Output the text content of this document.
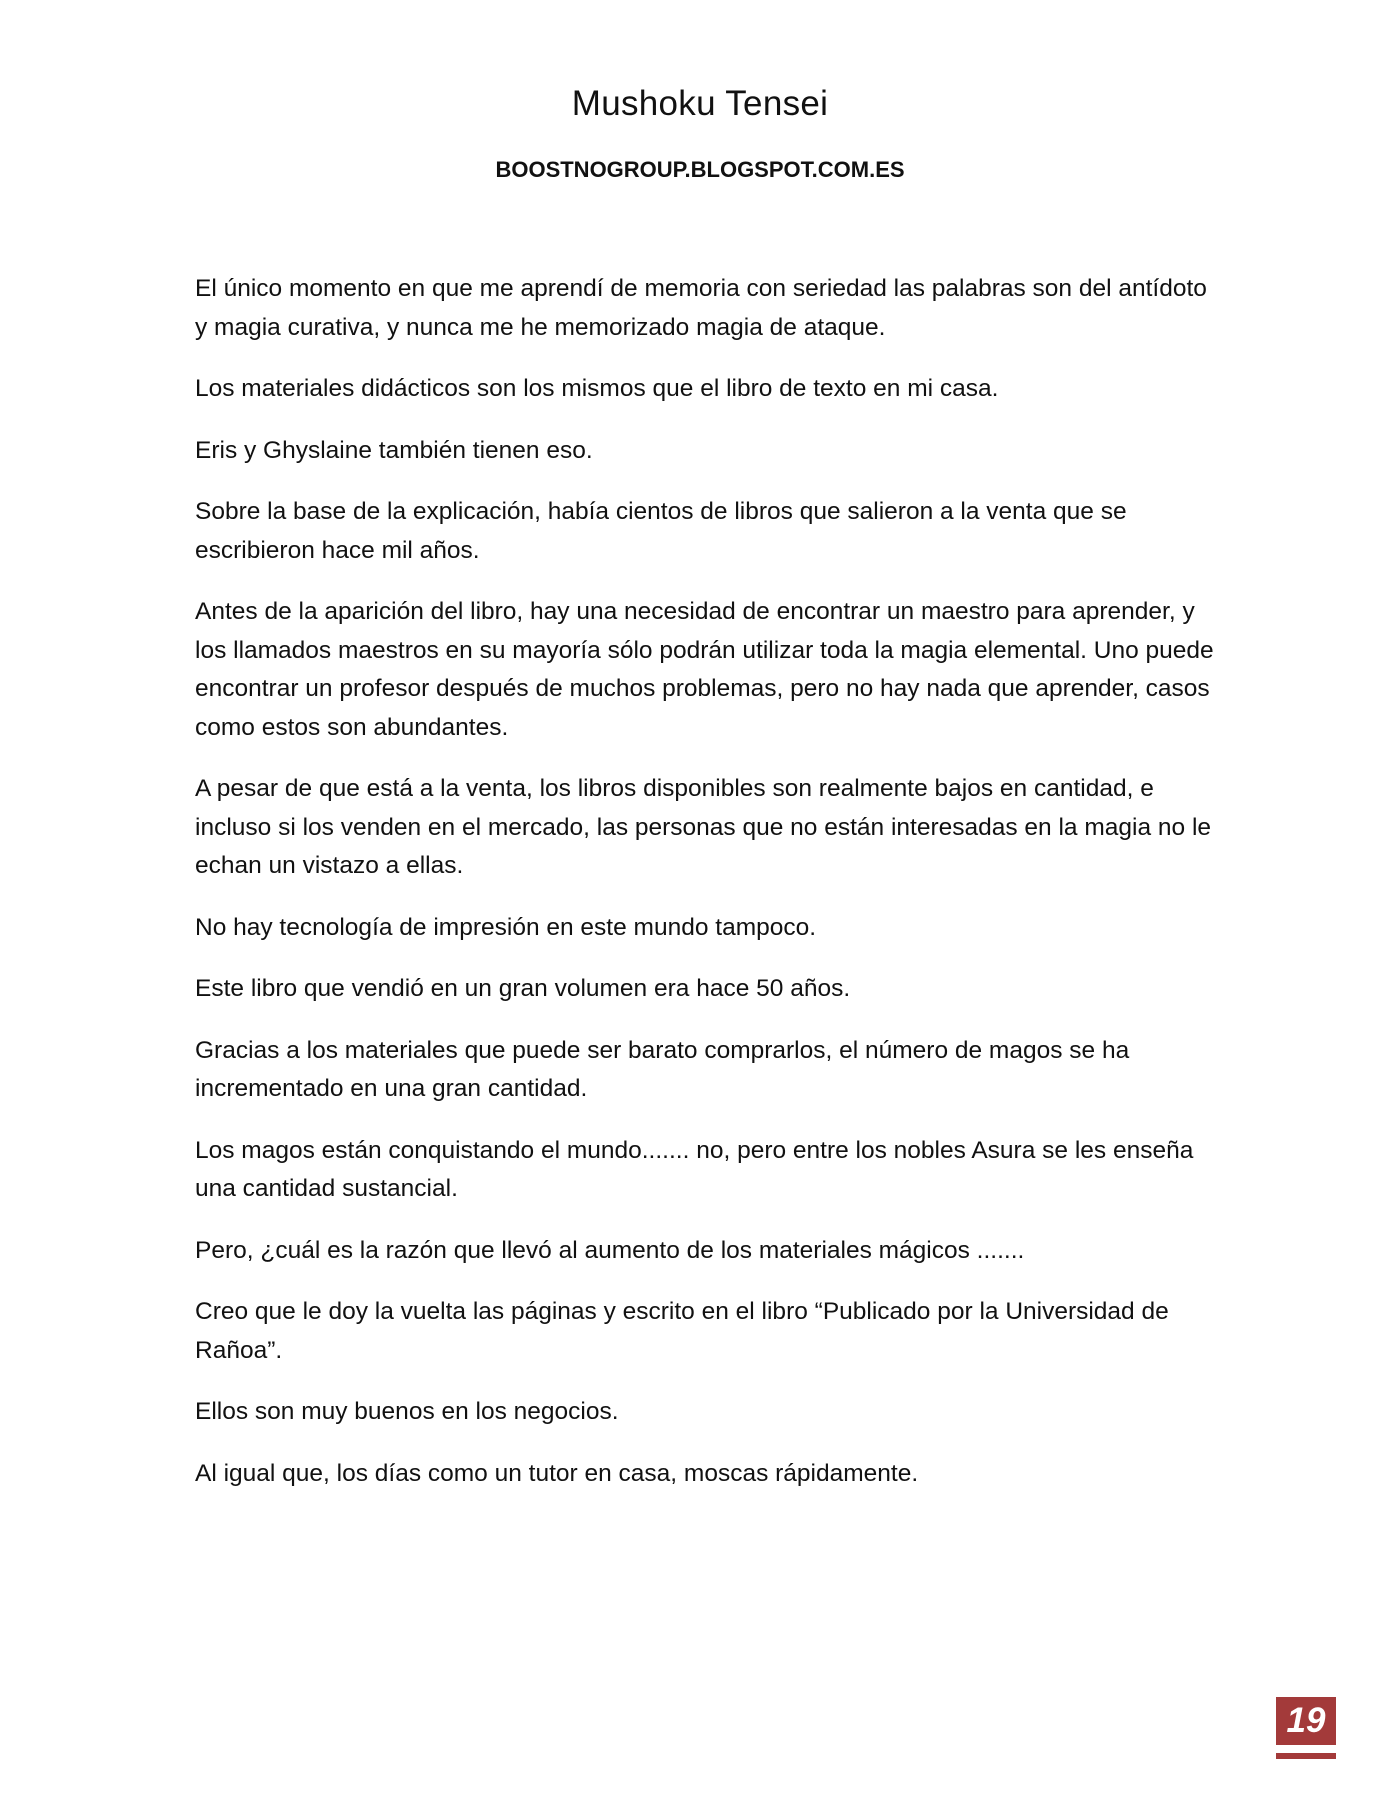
Mushoku Tensei

BOOSTNOGROUP.BLOGSPOT.COM.ES

El único momento en que me aprendí de memoria con seriedad las palabras son del antídoto y magia curativa, y nunca me he memorizado magia de ataque.

Los materiales didácticos son los mismos que el libro de texto en mi casa.

Eris y Ghyslaine también tienen eso.

Sobre la base de la explicación, había cientos de libros que salieron a la venta que se escribieron hace mil años.

Antes de la aparición del libro, hay una necesidad de encontrar un maestro para aprender, y los llamados maestros en su mayoría sólo podrán utilizar toda la magia elemental. Uno puede encontrar un profesor después de muchos problemas, pero no hay nada que aprender, casos como estos son abundantes.

A pesar de que está a la venta, los libros disponibles son realmente bajos en cantidad, e incluso si los venden en el mercado, las personas que no están interesadas en la magia no le echan un vistazo a ellas.

No hay tecnología de impresión en este mundo tampoco.

Este libro que vendió en un gran volumen era hace 50 años.

Gracias a los materiales que puede ser barato comprarlos, el número de magos se ha incrementado en una gran cantidad.

Los magos están conquistando el mundo....... no, pero entre los nobles Asura se les enseña una cantidad sustancial.

Pero, ¿cuál es la razón que llevó al aumento de los materiales mágicos .......

Creo que le doy la vuelta las páginas y escrito en el libro “Publicado por la Universidad de Rañoa”.

Ellos son muy buenos en los negocios.

Al igual que, los días como un tutor en casa, moscas rápidamente.

19
